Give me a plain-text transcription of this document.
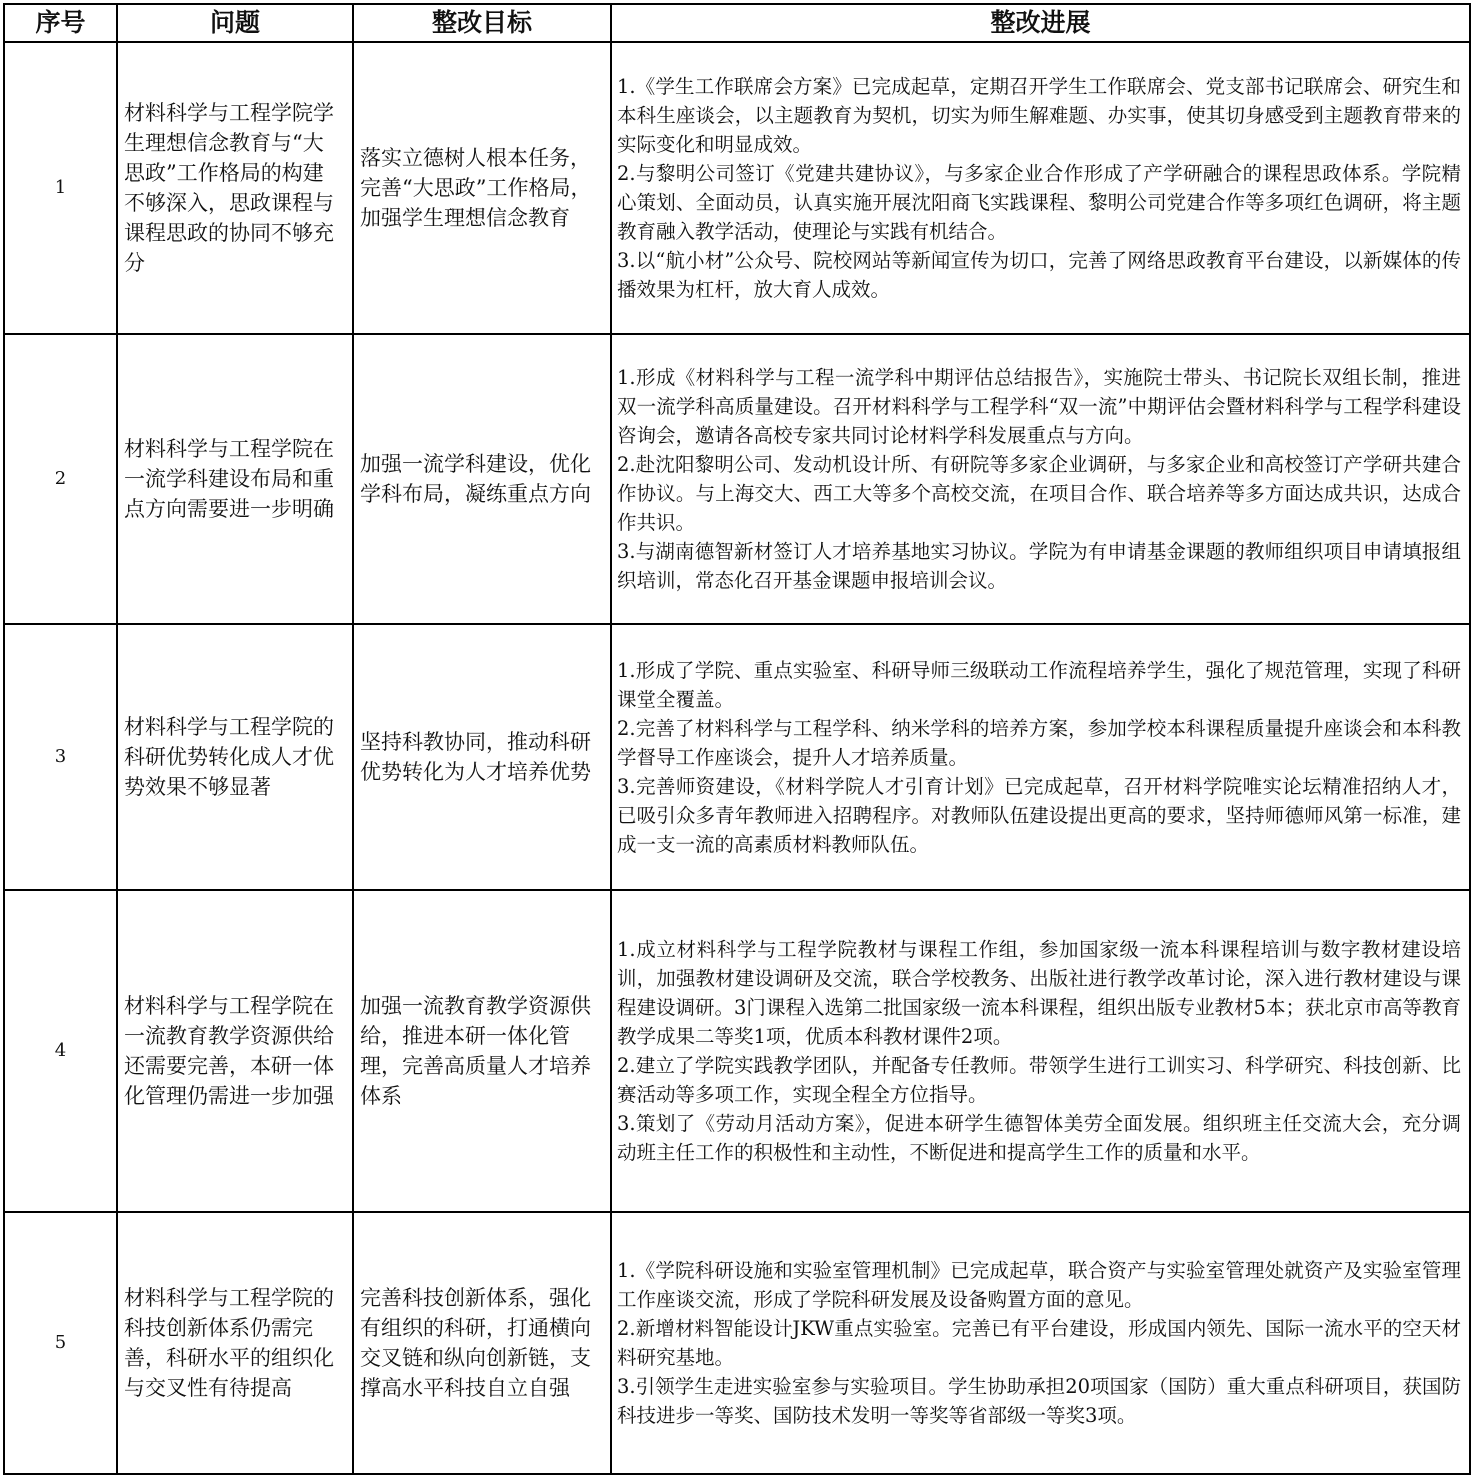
序号	问题	整改目标	整改进展
1	材料科学与工程学院学生理想信念教育与“大思政”工作格局的构建不够深入，思政课程与课程思政的协同不够充分	落实立德树人根本任务，完善“大思政”工作格局，加强学生理想信念教育	1.《学生工作联席会方案》已完成起草，定期召开学生工作联席会、党支部书记联席会、研究生和本科生座谈会，以主题教育为契机，切实为师生解难题、办实事，使其切身感受到主题教育带来的实际变化和明显成效。
2.与黎明公司签订《党建共建协议》，与多家企业合作形成了产学研融合的课程思政体系。学院精心策划、全面动员，认真实施开展沈阳商飞实践课程、黎明公司党建合作等多项红色调研，将主题教育融入教学活动，使理论与实践有机结合。
3.以“航小材”公众号、院校网站等新闻宣传为切口，完善了网络思政教育平台建设，以新媒体的传播效果为杠杆，放大育人成效。

2	材料科学与工程学院在一流学科建设布局和重点方向需要进一步明确	加强一流学科建设，优化学科布局，凝练重点方向	1.形成《材料科学与工程一流学科中期评估总结报告》，实施院士带头、书记院长双组长制，推进双一流学科高质量建设。召开材料科学与工程学科“双一流”中期评估会暨材料科学与工程学科建设咨询会，邀请各高校专家共同讨论材料学科发展重点与方向。
2.赴沈阳黎明公司、发动机设计所、有研院等多家企业调研，与多家企业和高校签订产学研共建合作协议。与上海交大、西工大等多个高校交流，在项目合作、联合培养等多方面达成共识，达成合作共识。
3.与湖南德智新材签订人才培养基地实习协议。学院为有申请基金课题的教师组织项目申请填报组织培训，常态化召开基金课题申报培训会议。

3	材料科学与工程学院的科研优势转化成人才优势效果不够显著	坚持科教协同，推动科研优势转化为人才培养优势	1.形成了学院、重点实验室、科研导师三级联动工作流程培养学生，强化了规范管理，实现了科研课堂全覆盖。
2.完善了材料科学与工程学科、纳米学科的培养方案，参加学校本科课程质量提升座谈会和本科教学督导工作座谈会，提升人才培养质量。
3.完善师资建设，《材料学院人才引育计划》已完成起草，召开材料学院唯实论坛精准招纳人才，已吸引众多青年教师进入招聘程序。对教师队伍建设提出更高的要求，坚持师德师风第一标准，建成一支一流的高素质材料教师队伍。

4	材料科学与工程学院在一流教育教学资源供给还需要完善，本研一体化管理仍需进一步加强	加强一流教育教学资源供给，推进本研一体化管理，完善高质量人才培养体系	1.成立材料科学与工程学院教材与课程工作组，参加国家级一流本科课程培训与数字教材建设培训，加强教材建设调研及交流，联合学校教务、出版社进行教学改革讨论，深入进行教材建设与课程建设调研。3门课程入选第二批国家级一流本科课程，组织出版专业教材5本；获北京市高等教育教学成果二等奖1项，优质本科教材课件2项。
2.建立了学院实践教学团队，并配备专任教师。带领学生进行工训实习、科学研究、科技创新、比赛活动等多项工作，实现全程全方位指导。
3.策划了《劳动月活动方案》，促进本研学生德智体美劳全面发展。组织班主任交流大会，充分调动班主任工作的积极性和主动性，不断促进和提高学生工作的质量和水平。

5	材料科学与工程学院的科技创新体系仍需完善，科研水平的组织化与交叉性有待提高	完善科技创新体系，强化有组织的科研，打通横向交叉链和纵向创新链，支撑高水平科技自立自强	1.《学院科研设施和实验室管理机制》已完成起草，联合资产与实验室管理处就资产及实验室管理工作座谈交流，形成了学院科研发展及设备购置方面的意见。
2.新增材料智能设计JKW重点实验室。完善已有平台建设，形成国内领先、国际一流水平的空天材料研究基地。
3.引领学生走进实验室参与实验项目。学生协助承担20项国家（国防）重大重点科研项目，获国防科技进步一等奖、国防技术发明一等奖等省部级一等奖3项。
